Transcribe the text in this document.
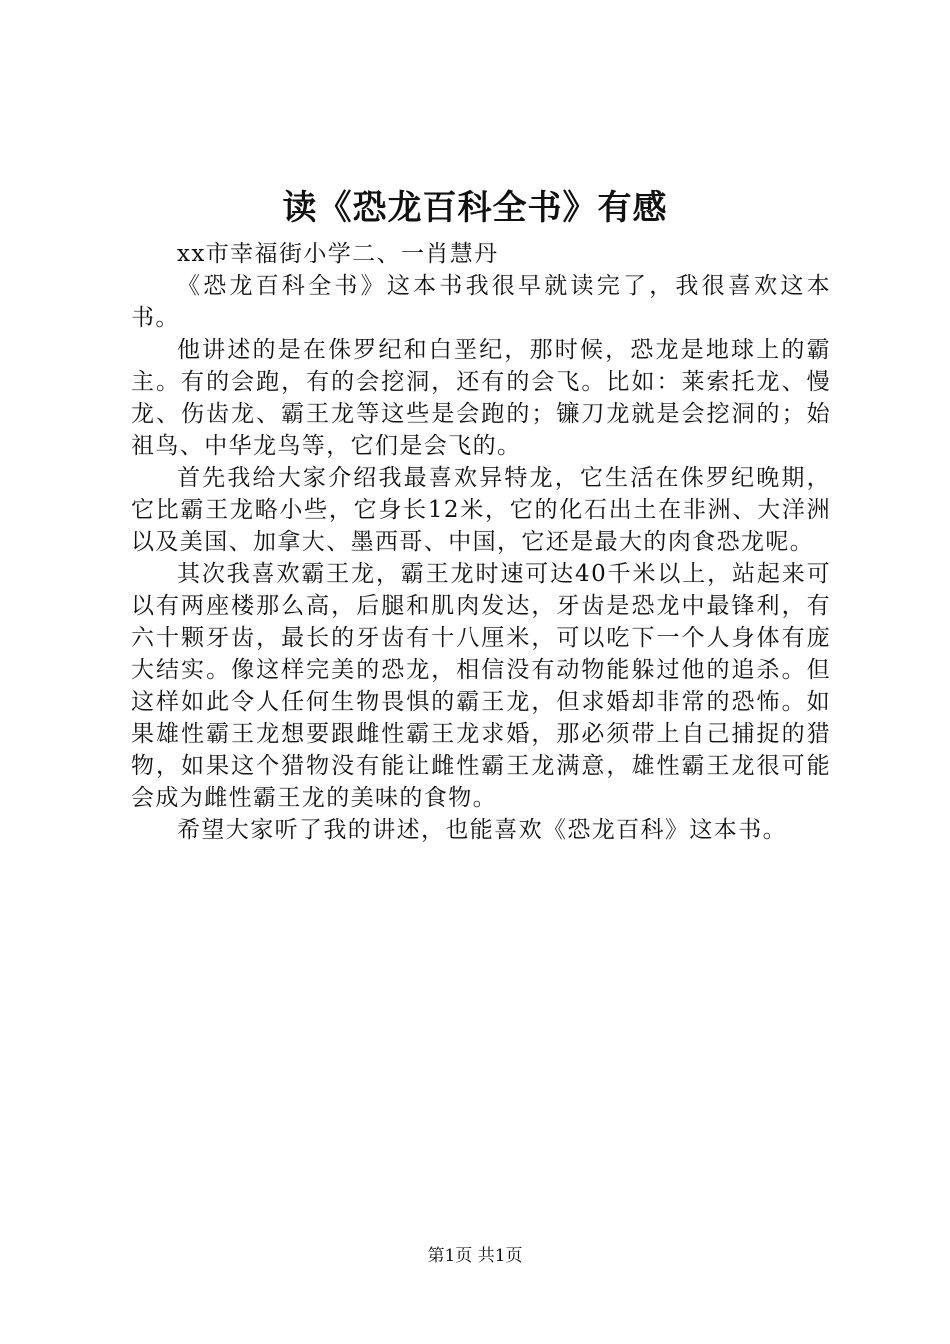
读《恐龙百科全书》有感
xx市幸福街小学二、一肖慧丹

《恐龙百科全书》这本书我很早就读完了，我很喜欢这本书。

他讲述的是在侏罗纪和白垩纪，那时候，恐龙是地球上的霸主。有的会跑，有的会挖洞，还有的会飞。比如：莱索托龙、慢龙、伤齿龙、霸王龙等这些是会跑的；镰刀龙就是会挖洞的；始祖鸟、中华龙鸟等，它们是会飞的。

首先我给大家介绍我最喜欢异特龙，它生活在侏罗纪晚期，它比霸王龙略小些，它身长12米，它的化石出土在非洲、大洋洲以及美国、加拿大、墨西哥、中国，它还是最大的肉食恐龙呢。

其次我喜欢霸王龙，霸王龙时速可达40千米以上，站起来可以有两座楼那么高，后腿和肌肉发达，牙齿是恐龙中最锋利，有六十颗牙齿，最长的牙齿有十八厘米，可以吃下一个人身体有庞大结实。像这样完美的恐龙，相信没有动物能躲过他的追杀。但这样如此令人任何生物畏惧的霸王龙，但求婚却非常的恐怖。如果雄性霸王龙想要跟雌性霸王龙求婚，那必须带上自己捕捉的猎物，如果这个猎物没有能让雌性霸王龙满意，雄性霸王龙很可能会成为雌性霸王龙的美味的食物。

希望大家听了我的讲述，也能喜欢《恐龙百科》这本书。

第1页 共1页
